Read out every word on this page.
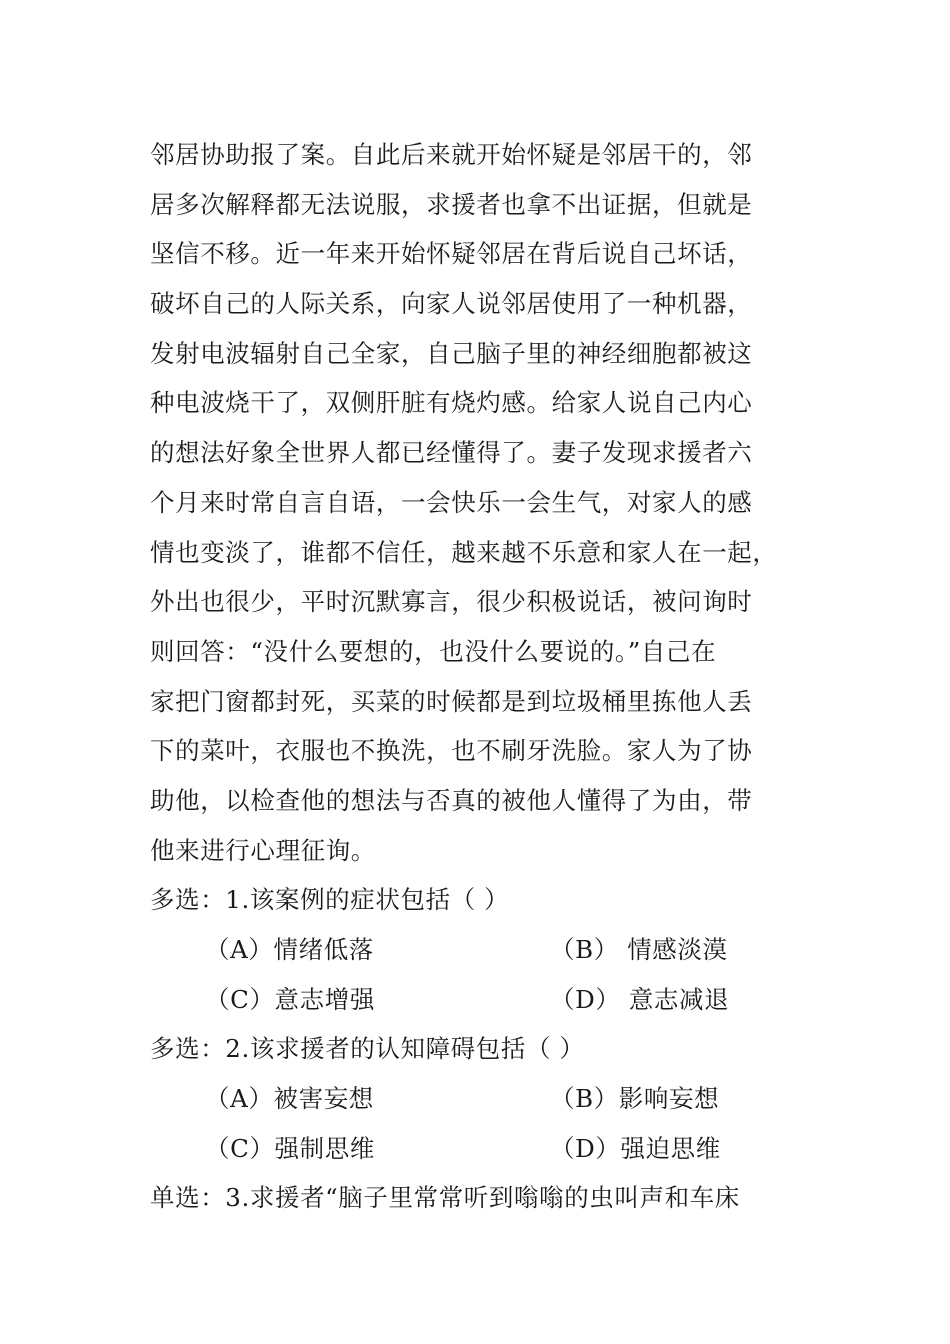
邻居协助报了案。自此后来就开始怀疑是邻居干的，邻
居多次解释都无法说服，求援者也拿不出证据，但就是
坚信不移。近一年来开始怀疑邻居在背后说自己坏话，
破坏自己的人际关系，向家人说邻居使用了一种机器，
发射电波辐射自己全家，自己脑子里的神经细胞都被这
种电波烧干了，双侧肝脏有烧灼感。给家人说自己内心
的想法好象全世界人都已经懂得了。妻子发现求援者六
个月来时常自言自语，一会快乐一会生气，对家人的感
情也变淡了，谁都不信任，越来越不乐意和家人在一起，
外出也很少，平时沉默寡言，很少积极说话，被问询时
则回答：“没什么要想的，也没什么要说的。”自己在
家把门窗都封死，买菜的时候都是到垃圾桶里拣他人丢
下的菜叶，衣服也不换洗，也不刷牙洗脸。家人为了协
助他，以检查他的想法与否真的被他人懂得了为由，带
他来进行心理征询。
多选：1.该案例的症状包括（ ）
（A）情绪低落	（B） 情感淡漠
（C）意志增强	（D） 意志减退
多选：2.该求援者的认知障碍包括（ ）
（A）被害妄想	（B）影响妄想
（C）强制思维	（D）强迫思维
单选：3.求援者“脑子里常常听到嗡嗡的虫叫声和车床
